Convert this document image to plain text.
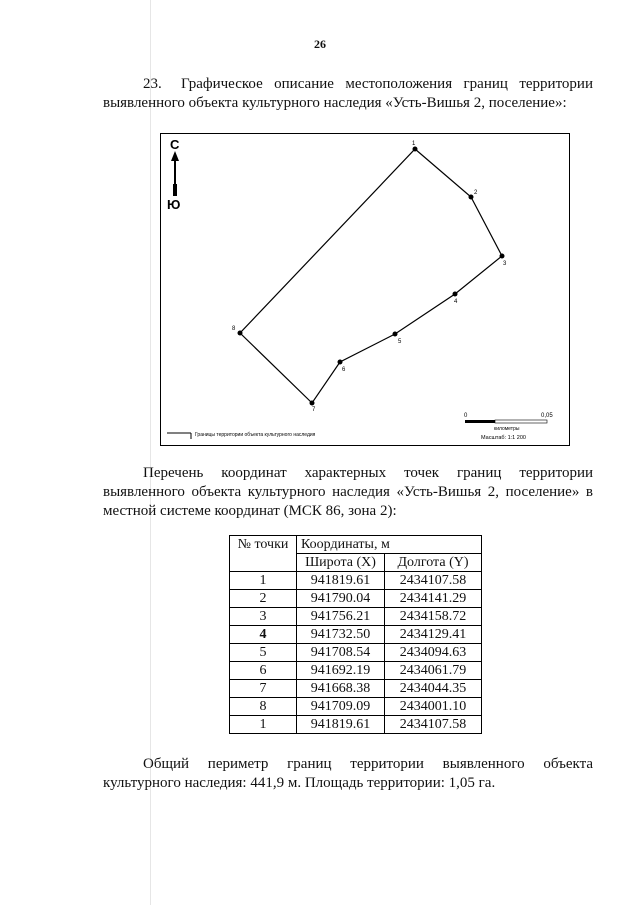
26

23. Графическое описание местоположения границ территории выявленного объекта культурного наследия «Усть-Вишья 2, поселение»:

С
Ю
1
2
3
4
5
6
7
8
Границы территории объекта культурного наследия
0	0,05
километры
Масштаб: 1:1 200

Перечень координат характерных точек границ территории выявленного объекта культурного наследия «Усть-Вишья 2, поселение» в местной системе координат (МСК 86, зона 2):

№ точки	Координаты, м	
	Широта (X)	Долгота (Y)
1	941819.61	2434107.58
2	941790.04	2434141.29
3	941756.21	2434158.72
4	941732.50	2434129.41
5	941708.54	2434094.63
6	941692.19	2434061.79
7	941668.38	2434044.35
8	941709.09	2434001.10
1	941819.61	2434107.58

Общий периметр границ территории выявленного объекта культурного наследия: 441,9 м. Площадь территории: 1,05 га.
